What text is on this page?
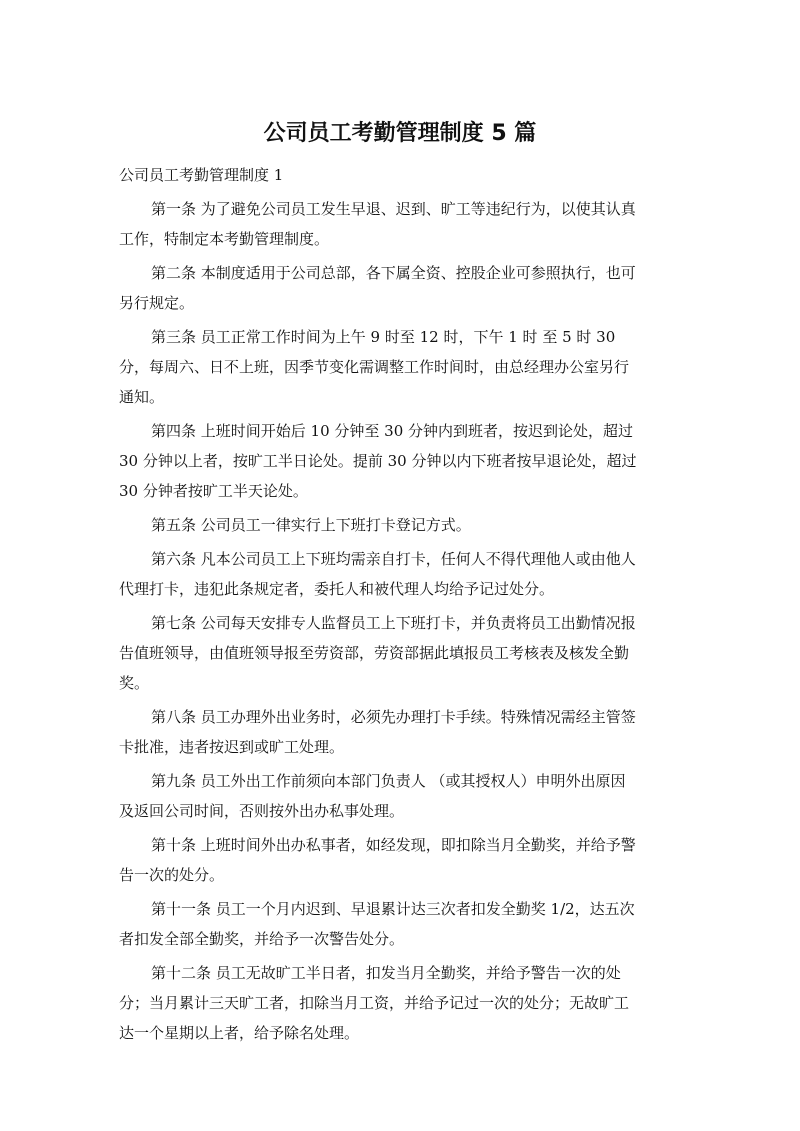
公司员工考勤管理制度 5 篇

公司员工考勤管理制度 1

第一条 为了避免公司员工发生早退、迟到、旷工等违纪行为，以使其认真
工作，特制定本考勤管理制度。

第二条 本制度适用于公司总部，各下属全资、控股企业可参照执行，也可
另行规定。

第三条 员工正常工作时间为上午 9 时至 12 时，下午 1 时 至 5 时 30
分，每周六、日不上班，因季节变化需调整工作时间时，由总经理办公室另行
通知。

第四条 上班时间开始后 10 分钟至 30 分钟内到班者，按迟到论处，超过
30 分钟以上者，按旷工半日论处。提前 30 分钟以内下班者按早退论处，超过
30 分钟者按旷工半天论处。

第五条 公司员工一律实行上下班打卡登记方式。

第六条 凡本公司员工上下班均需亲自打卡，任何人不得代理他人或由他人
代理打卡，违犯此条规定者，委托人和被代理人均给予记过处分。

第七条 公司每天安排专人监督员工上下班打卡，并负责将员工出勤情况报
告值班领导，由值班领导报至劳资部，劳资部据此填报员工考核表及核发全勤
奖。

第八条 员工办理外出业务时，必须先办理打卡手续。特殊情况需经主管签
卡批准，违者按迟到或旷工处理。

第九条 员工外出工作前须向本部门负责人 （或其授权人）申明外出原因
及返回公司时间，否则按外出办私事处理。

第十条 上班时间外出办私事者，如经发现，即扣除当月全勤奖，并给予警
告一次的处分。

第十一条 员工一个月内迟到、早退累计达三次者扣发全勤奖 1/2，达五次
者扣发全部全勤奖，并给予一次警告处分。

第十二条 员工无故旷工半日者，扣发当月全勤奖，并给予警告一次的处
分；当月累计三天旷工者，扣除当月工资，并给予记过一次的处分；无故旷工
达一个星期以上者，给予除名处理。
